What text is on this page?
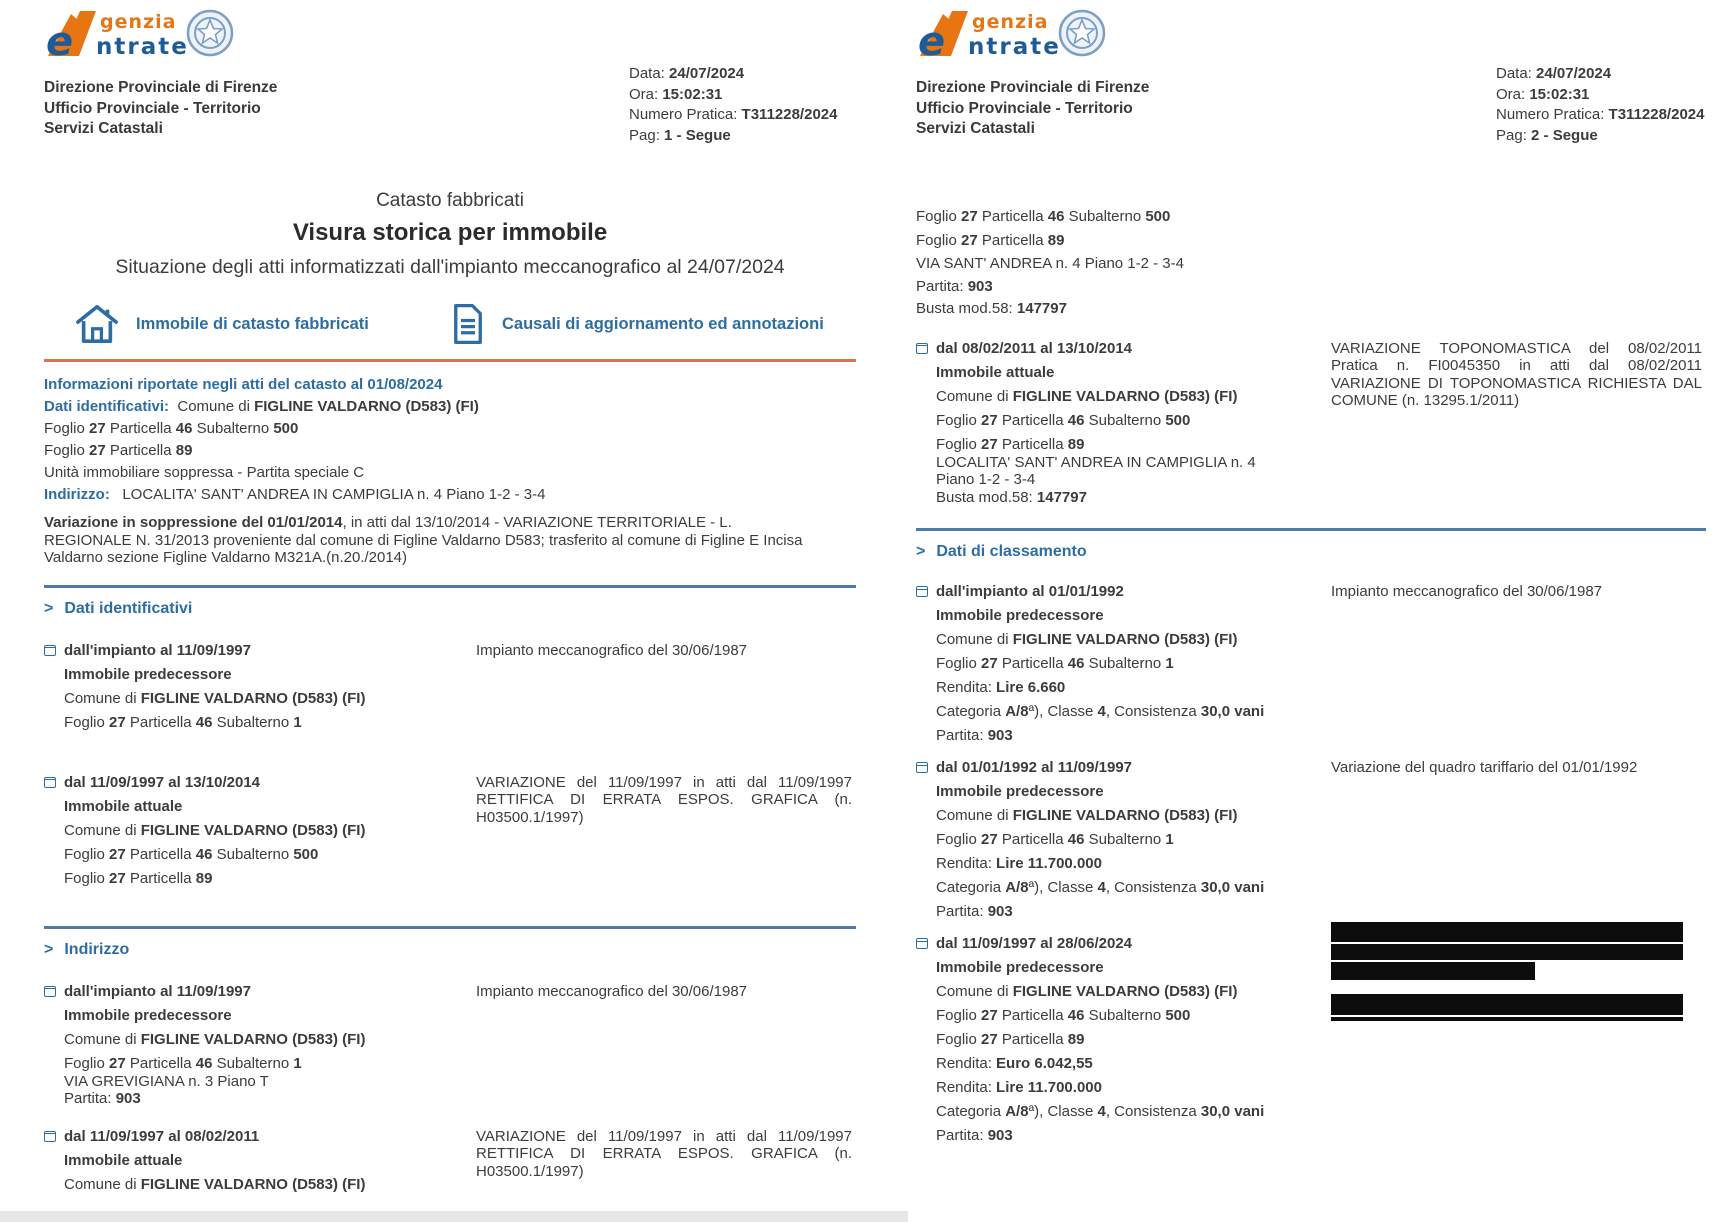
e genzia
ntrate
Direzione Provinciale di Firenze
Ufficio Provinciale - Territorio
Servizi Catastali
Data: 24/07/2024
Ora: 15:02:31
Numero Pratica: T311228/2024
Pag: 1 - Segue
Catasto fabbricati
Visura storica per immobile
Situazione degli atti informatizzati dall'impianto meccanografico al 24/07/2024
Immobile di catasto fabbricati	Causali di aggiornamento ed annotazioni
Informazioni riportate negli atti del catasto al 01/08/2024
Dati identificativi: Comune di FIGLINE VALDARNO (D583) (FI)
Foglio 27 Particella 46 Subalterno 500
Foglio 27 Particella 89
Unità immobiliare soppressa - Partita speciale C
Indirizzo: LOCALITA' SANT' ANDREA IN CAMPIGLIA n. 4 Piano 1-2 - 3-4
Variazione in soppressione del 01/01/2014, in atti dal 13/10/2014 - VARIAZIONE TERRITORIALE - L. REGIONALE N. 31/2013 proveniente dal comune di Figline Valdarno D583; trasferito al comune di Figline E Incisa Valdarno sezione Figline Valdarno M321A.(n.20./2014)
> Dati identificativi
dall'impianto al 11/09/1997
Immobile predecessore
Comune di FIGLINE VALDARNO (D583) (FI)
Foglio 27 Particella 46 Subalterno 1
Impianto meccanografico del 30/06/1987
dal 11/09/1997 al 13/10/2014
Immobile attuale
Comune di FIGLINE VALDARNO (D583) (FI)
Foglio 27 Particella 46 Subalterno 500
Foglio 27 Particella 89
VARIAZIONE del 11/09/1997 in atti dal 11/09/1997 RETTIFICA DI ERRATA ESPOS. GRAFICA (n. H03500.1/1997)
> Indirizzo
dall'impianto al 11/09/1997
Immobile predecessore
Comune di FIGLINE VALDARNO (D583) (FI)
Foglio 27 Particella 46 Subalterno 1
VIA GREVIGIANA n. 3 Piano T
Partita: 903
Impianto meccanografico del 30/06/1987
dal 11/09/1997 al 08/02/2011
Immobile attuale
Comune di FIGLINE VALDARNO (D583) (FI)
VARIAZIONE del 11/09/1997 in atti dal 11/09/1997 RETTIFICA DI ERRATA ESPOS. GRAFICA (n. H03500.1/1997)
e genzia
ntrate
Direzione Provinciale di Firenze
Ufficio Provinciale - Territorio
Servizi Catastali
Data: 24/07/2024
Ora: 15:02:31
Numero Pratica: T311228/2024
Pag: 2 - Segue
Foglio 27 Particella 46 Subalterno 500
Foglio 27 Particella 89
VIA SANT' ANDREA n. 4 Piano 1-2 - 3-4
Partita: 903
Busta mod.58: 147797
dal 08/02/2011 al 13/10/2014
Immobile attuale
Comune di FIGLINE VALDARNO (D583) (FI)
Foglio 27 Particella 46 Subalterno 500
Foglio 27 Particella 89
LOCALITA' SANT' ANDREA IN CAMPIGLIA n. 4
Piano 1-2 - 3-4
Busta mod.58: 147797
VARIAZIONE TOPONOMASTICA del 08/02/2011 Pratica n. FI0045350 in atti dal 08/02/2011 VARIAZIONE DI TOPONOMASTICA RICHIESTA DAL COMUNE (n. 13295.1/2011)
> Dati di classamento
dall'impianto al 01/01/1992
Immobile predecessore
Comune di FIGLINE VALDARNO (D583) (FI)
Foglio 27 Particella 46 Subalterno 1
Rendita: Lire 6.660
Categoria A/8ª), Classe 4, Consistenza 30,0 vani
Partita: 903
Impianto meccanografico del 30/06/1987
dal 01/01/1992 al 11/09/1997
Immobile predecessore
Comune di FIGLINE VALDARNO (D583) (FI)
Foglio 27 Particella 46 Subalterno 1
Rendita: Lire 11.700.000
Categoria A/8ª), Classe 4, Consistenza 30,0 vani
Partita: 903
Variazione del quadro tariffario del 01/01/1992
dal 11/09/1997 al 28/06/2024
Immobile predecessore
Comune di FIGLINE VALDARNO (D583) (FI)
Foglio 27 Particella 46 Subalterno 500
Foglio 27 Particella 89
Rendita: Euro 6.042,55
Rendita: Lire 11.700.000
Categoria A/8ª), Classe 4, Consistenza 30,0 vani
Partita: 903
